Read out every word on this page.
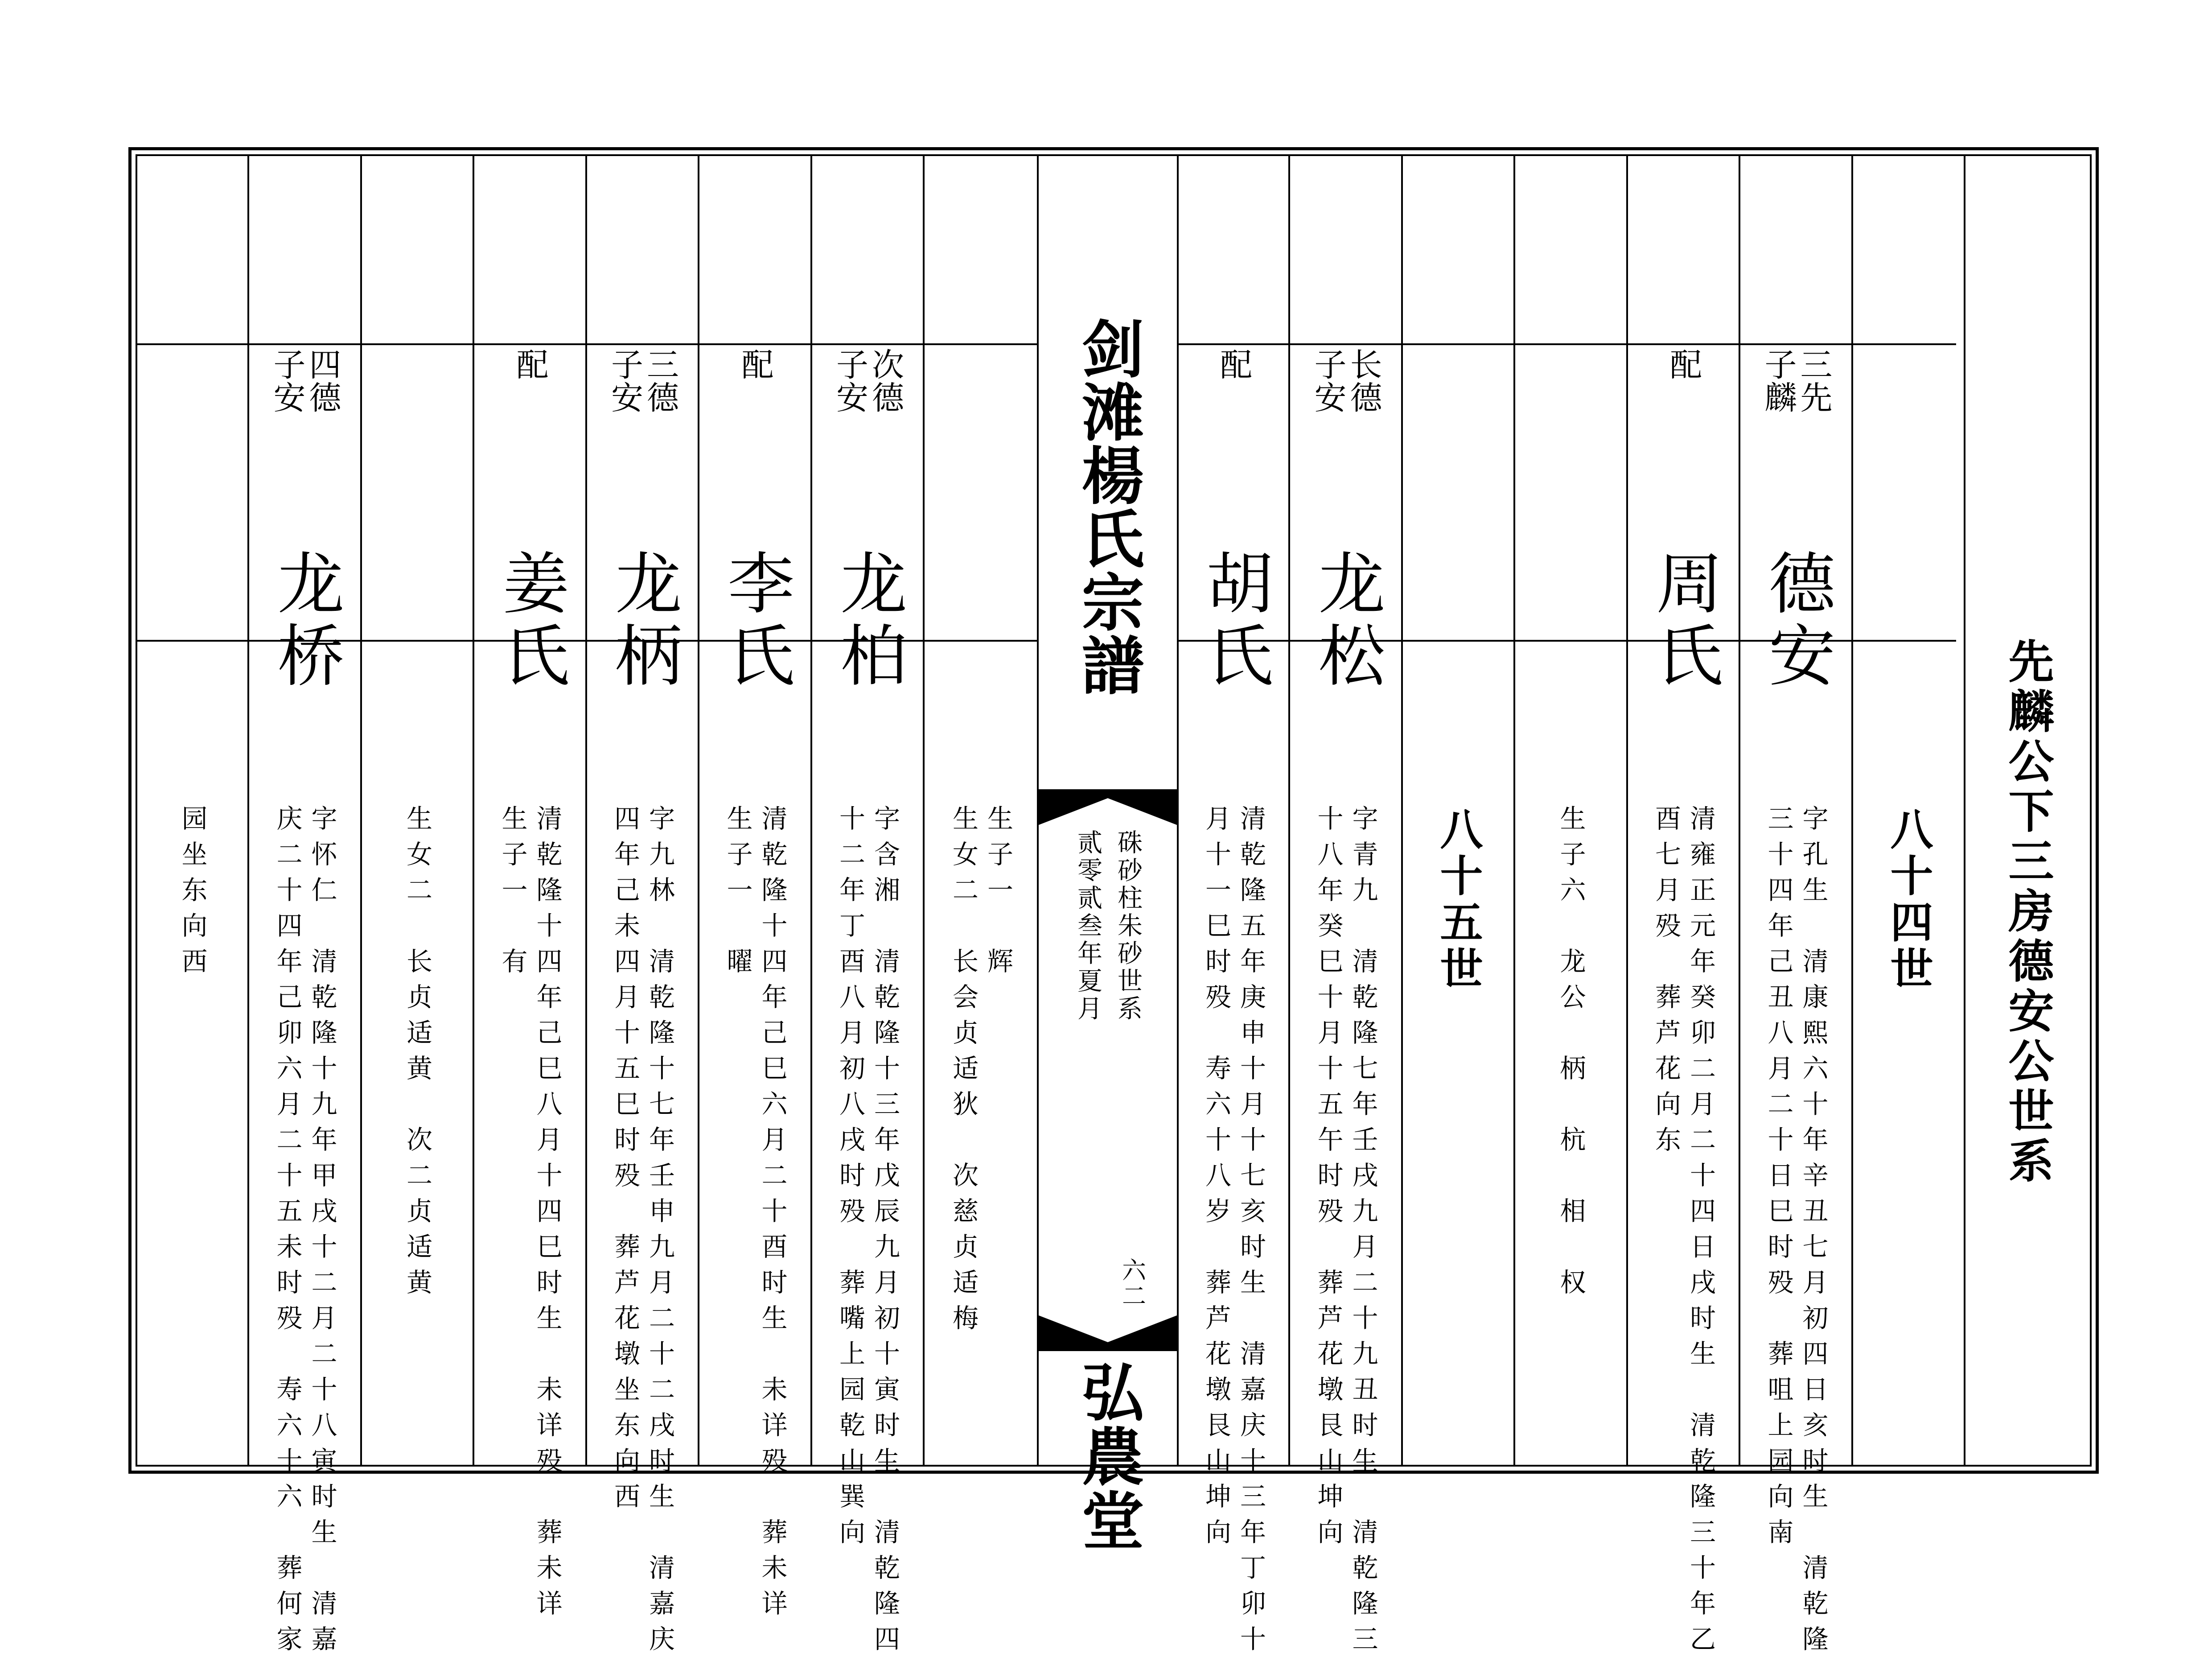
先麟公下三房德安公世系
八十四世
三先
子麟
德安
字孔生　清康熙六十年辛丑七月初四日亥时生　清乾隆
三十四年己丑八月二十日巳时殁　葬咀上园向南
配
周氏
清雍正元年癸卯二月二十四日戌时生　清乾隆三十年乙
酉七月殁　葬芦花向东
生子六　龙公　柄　杭　相　权
八十五世
长德
子安
龙松
字青九　清乾隆七年壬戌九月二十九丑时生　清乾隆三
十八年癸巳十月十五午时殁　葬芦花墩艮山坤向
配
胡氏
清乾隆五年庚申十月十七亥时生　清嘉庆十三年丁卯十
月十一巳时殁　寿六十八岁　葬芦花墩艮山坤向
剑滩楊氏宗譜
硃砂柱朱砂世系
贰零贰叁年夏月
六二
弘農堂
生子一　辉
生女二　长会贞适狄　次慈贞适梅
次德
子安
龙柏
字含湘　清乾隆十三年戊辰九月初十寅时生　清乾隆四
十二年丁酉八月初八戌时殁　葬嘴上园乾山巽向
配
李氏
清乾隆十四年己巳六月二十酉时生　未详殁　葬未详
生子一　曜
三德
子安
龙柄
字九林　清乾隆十七年壬申九月二十二戌时生　清嘉庆
四年己未四月十五巳时殁　葬芦花墩坐东向西
配
姜氏
清乾隆十四年己巳八月十四巳时生　未详殁　葬未详
生子一　有
生女二　长贞适黄　次二贞适黄
四德
子安
龙桥
字怀仁　清乾隆十九年甲戌十二月二十八寅时生　清嘉
庆二十四年己卯六月二十五未时殁　寿六十六　葬何家
园坐东向西
